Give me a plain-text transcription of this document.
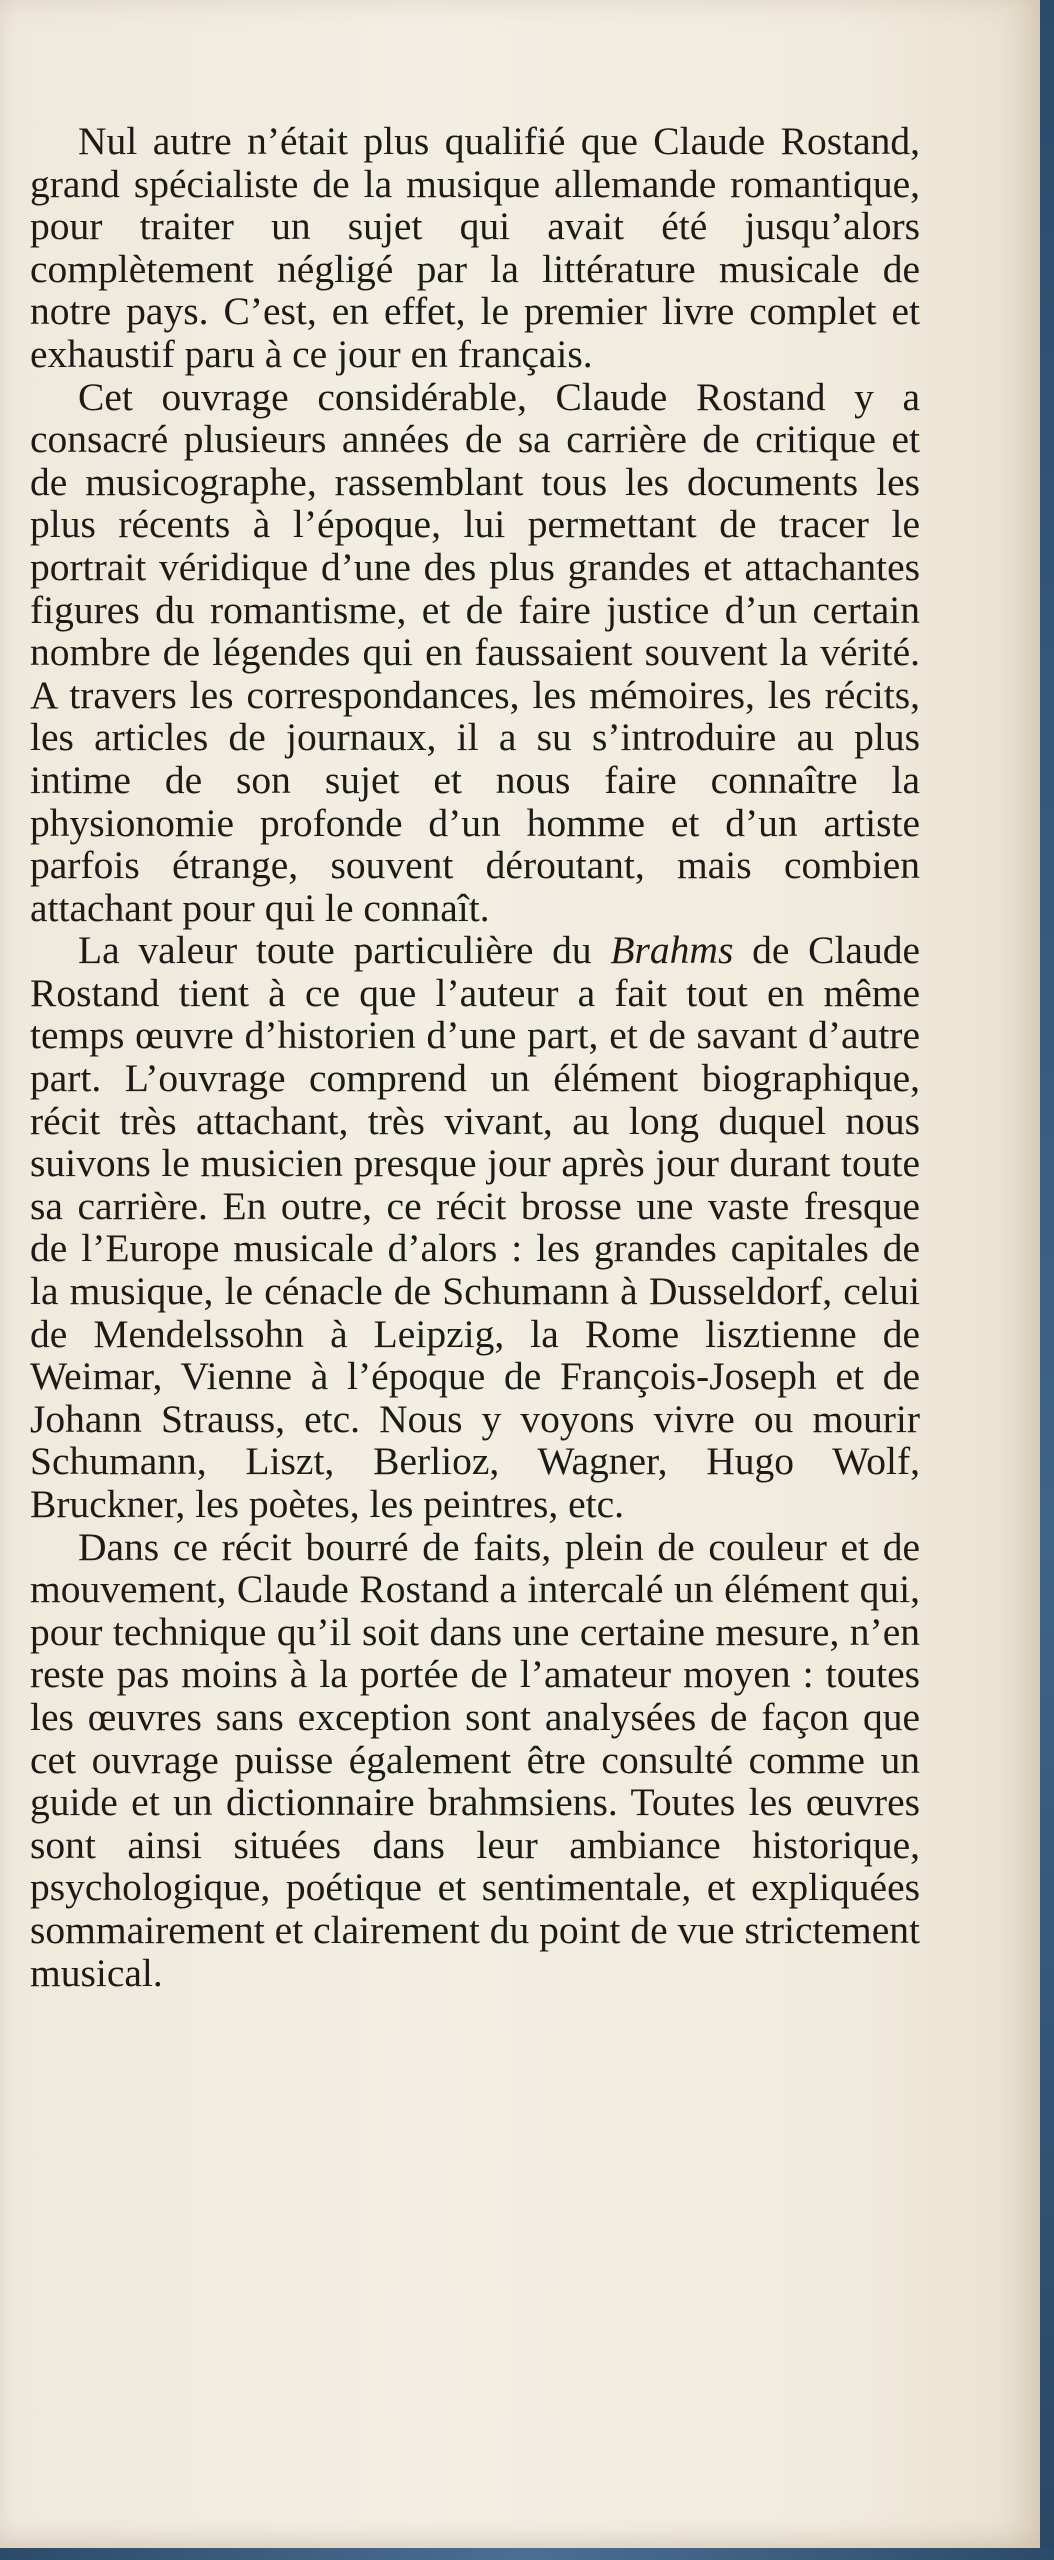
Nul autre n’était plus qualifié que Claude Rostand, grand spécialiste de la musique allemande romantique, pour traiter un sujet qui avait été jusqu’alors complètement négligé par la littérature musicale de notre pays. C’est, en effet, le premier livre complet et exhaustif paru à ce jour en français.

Cet ouvrage considérable, Claude Rostand y a consacré plusieurs années de sa carrière de critique et de musicographe, rassemblant tous les documents les plus récents à l’époque, lui permettant de tracer le portrait véridique d’une des plus grandes et attachantes figures du romantisme, et de faire justice d’un certain nombre de légendes qui en faussaient souvent la vérité. A travers les correspondances, les mémoires, les récits, les articles de journaux, il a su s’introduire au plus intime de son sujet et nous faire connaître la physionomie profonde d’un homme et d’un artiste parfois étrange, souvent déroutant, mais combien attachant pour qui le connaît.

La valeur toute particulière du Brahms de Claude Rostand tient à ce que l’auteur a fait tout en même temps œuvre d’historien d’une part, et de savant d’autre part. L’ouvrage comprend un élément biographique, récit très attachant, très vivant, au long duquel nous suivons le musicien presque jour après jour durant toute sa carrière. En outre, ce récit brosse une vaste fresque de l’Europe musicale d’alors : les grandes capitales de la musique, le cénacle de Schumann à Dusseldorf, celui de Mendelssohn à Leipzig, la Rome lisztienne de Weimar, Vienne à l’époque de François-Joseph et de Johann Strauss, etc. Nous y voyons vivre ou mourir Schumann, Liszt, Berlioz, Wagner, Hugo Wolf, Bruckner, les poètes, les peintres, etc.

Dans ce récit bourré de faits, plein de couleur et de mouvement, Claude Rostand a intercalé un élément qui, pour technique qu’il soit dans une certaine mesure, n’en reste pas moins à la portée de l’amateur moyen : toutes les œuvres sans exception sont analysées de façon que cet ouvrage puisse également être consulté comme un guide et un dictionnaire brahmsiens. Toutes les œuvres sont ainsi situées dans leur ambiance historique, psychologique, poétique et sentimentale, et expliquées sommairement et clairement du point de vue strictement musical.
